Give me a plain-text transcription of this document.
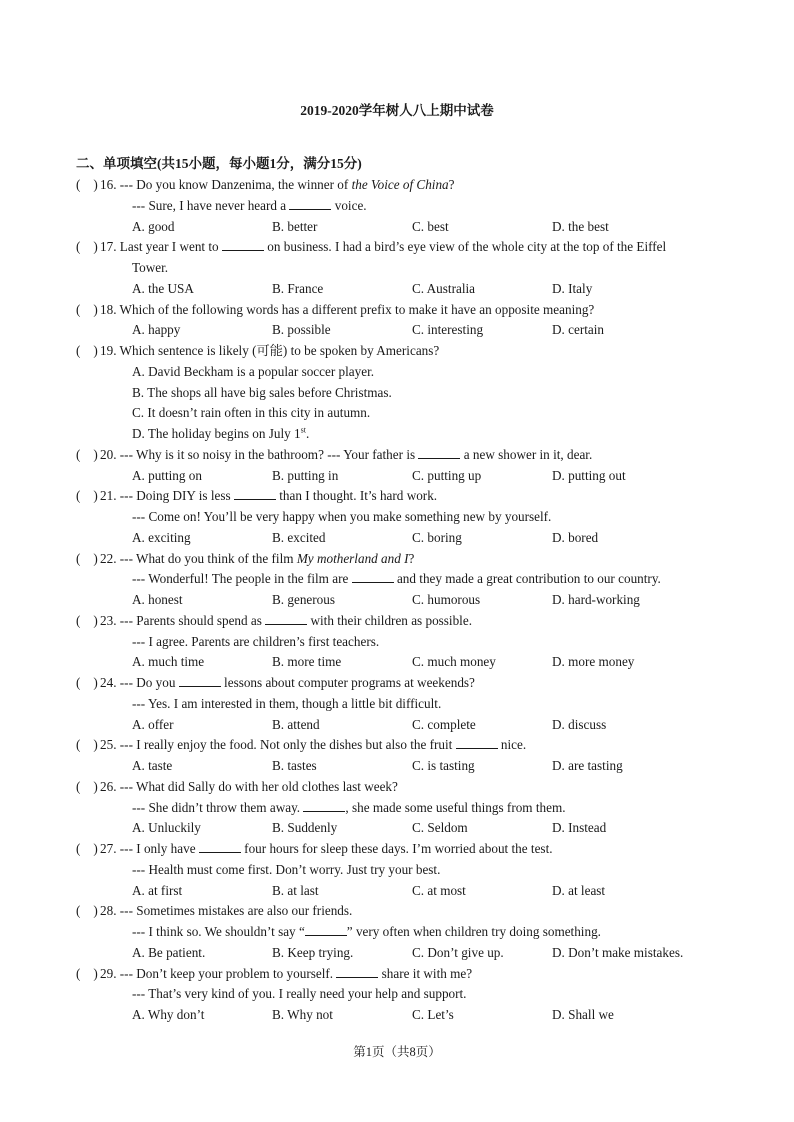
2019-2020学年树人八上期中试卷
二、单项填空(共15小题，每小题1分，满分15分)
( ) 16. --- Do you know Danzenima, the winner of the Voice of China?
--- Sure, I have never heard a	voice.
A. good	B. better	C. best	D. the best
( ) 17. Last year I went to	on business. I had a bird’s eye view of the whole city at the top of the Eiffel
Tower.
A. the USA	B. France	C. Australia	D. Italy
( ) 18. Which of the following words has a different prefix to make it have an opposite meaning?
A. happy	B. possible	C. interesting	D. certain
( ) 19. Which sentence is likely (可能) to be spoken by Americans?
A. David Beckham is a popular soccer player.
B. The shops all have big sales before Christmas.
C. It doesn’t rain often in this city in autumn.
D. The holiday begins on July 1st.
( ) 20. --- Why is it so noisy in the bathroom? --- Your father is	a new shower in it, dear.
A. putting on	B. putting in	C. putting up	D. putting out
( ) 21. --- Doing DIY is less	than I thought. It’s hard work.
--- Come on! You’ll be very happy when you make something new by yourself.
A. exciting	B. excited	C. boring	D. bored
( ) 22. --- What do you think of the film My motherland and I?
--- Wonderful! The people in the film are	and they made a great contribution to our country.
A. honest	B. generous	C. humorous	D. hard-working
( ) 23. --- Parents should spend as	with their children as possible.
--- I agree. Parents are children’s first teachers.
A. much time	B. more time	C. much money	D. more money
( ) 24. --- Do you	lessons about computer programs at weekends?
--- Yes. I am interested in them, though a little bit difficult.
A. offer	B. attend	C. complete	D. discuss
( ) 25. --- I really enjoy the food. Not only the dishes but also the fruit	nice.
A. taste	B. tastes	C. is tasting	D. are tasting
( ) 26. --- What did Sally do with her old clothes last week?
--- She didn’t throw them away.	, she made some useful things from them.
A. Unluckily	B. Suddenly	C. Seldom	D. Instead
( ) 27. --- I only have	four hours for sleep these days. I’m worried about the test.
--- Health must come first. Don’t worry. Just try your best.
A. at first	B. at last	C. at most	D. at least
( ) 28. --- Sometimes mistakes are also our friends.
--- I think so. We shouldn’t say “	” very often when children try doing something.
A. Be patient.	B. Keep trying.	C. Don’t give up.	D. Don’t make mistakes.
( ) 29. --- Don’t keep your problem to yourself.	share it with me?
--- That’s very kind of you. I really need your help and support.
A. Why don’t	B. Why not	C. Let’s	D. Shall we
第1页（共8页）
